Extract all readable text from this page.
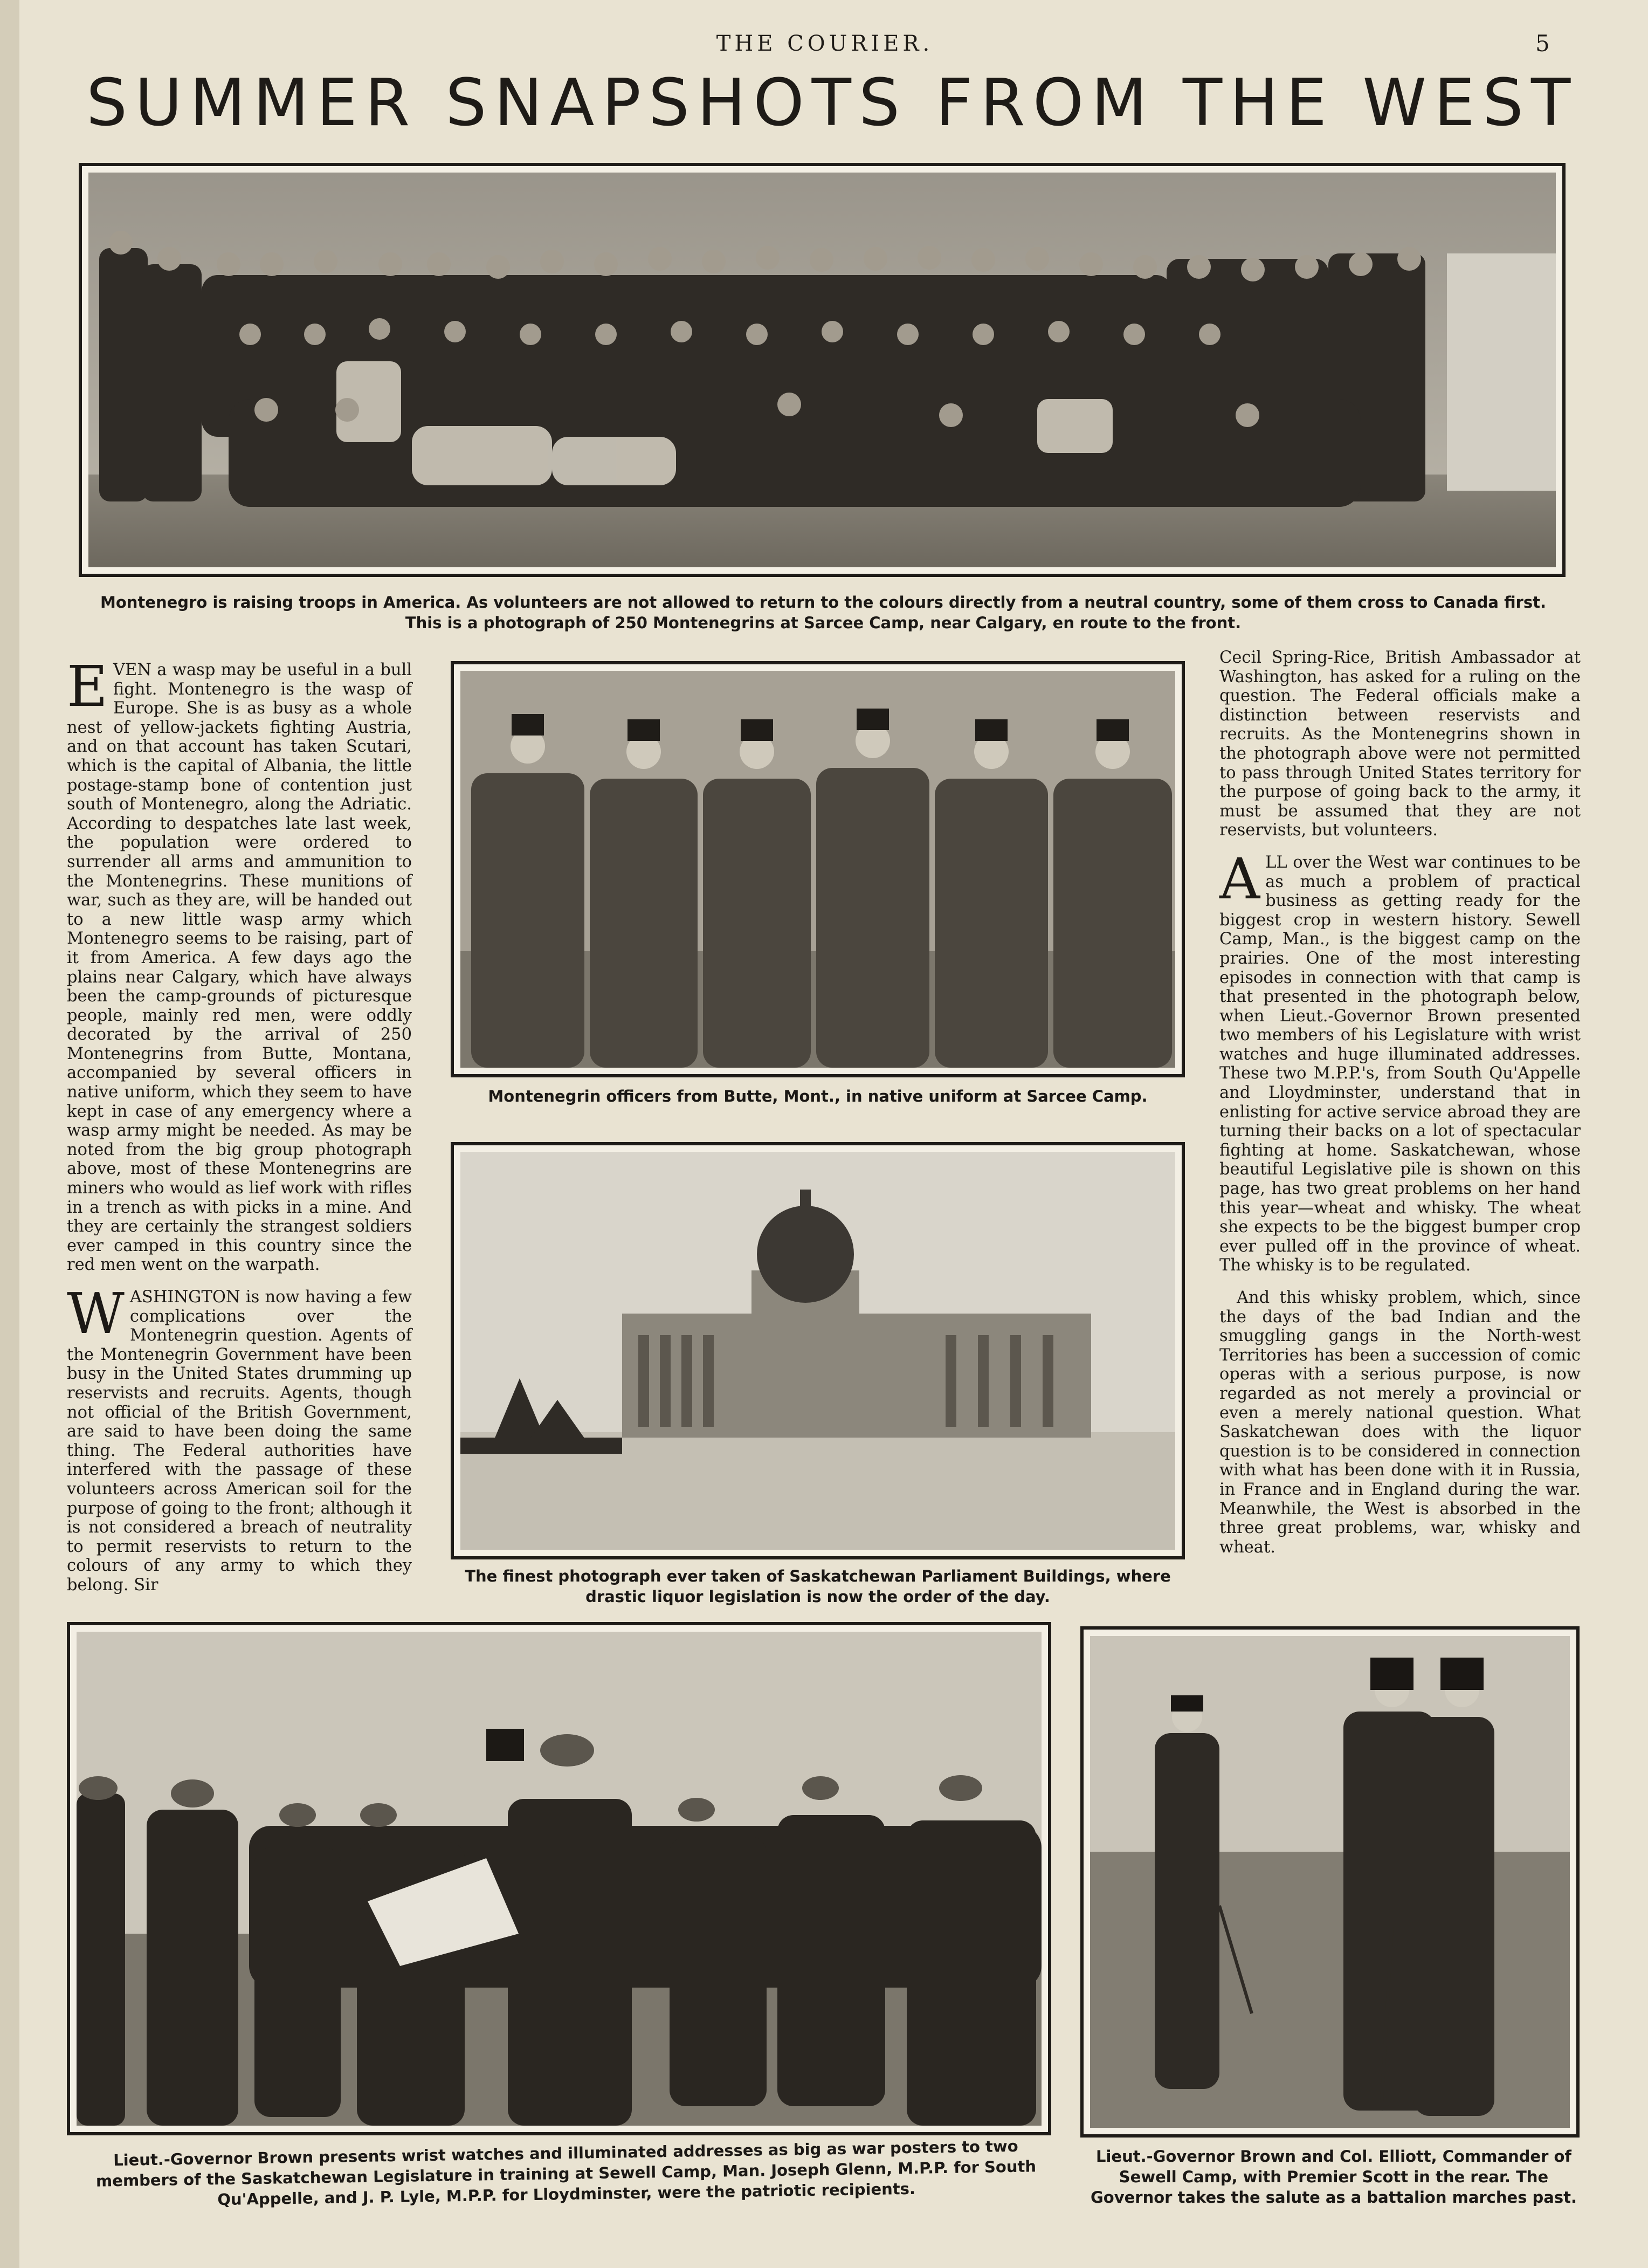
THE COURIER.	5
SUMMER SNAPSHOTS FROM THE WEST
Montenegro is raising troops in America. As volunteers are not allowed to return to the colours directly from a neutral country, some of them cross to Canada first. This is a photograph of 250 Montenegrins at Sarcee Camp, near Calgary, en route to the front.

EVEN a wasp may be useful in a bull fight. Montenegro is the wasp of Europe. She is as busy as a whole nest of yellow-jackets fighting Austria, and on that account has taken Scutari, which is the capital of Albania, the little postage-stamp bone of contention just south of Montenegro, along the Adriatic. According to despatches late last week, the population were ordered to surrender all arms and ammunition to the Montenegrins. These munitions of war, such as they are, will be handed out to a new little wasp army which Montenegro seems to be raising, part of it from America. A few days ago the plains near Calgary, which have always been the camp-grounds of picturesque people, mainly red men, were oddly decorated by the arrival of 250 Montenegrins from Butte, Montana, accompanied by several officers in native uniform, which they seem to have kept in case of any emergency where a wasp army might be needed. As may be noted from the big group photograph above, most of these Montenegrins are miners who would as lief work with rifles in a trench as with picks in a mine. And they are certainly the strangest soldiers ever camped in this country since the red men went on the warpath.

WASHINGTON is now having a few complications over the Montenegrin question. Agents of the Montenegrin Government have been busy in the United States drumming up reservists and recruits. Agents, though not official of the British Government, are said to have been doing the same thing. The Federal authorities have interfered with the passage of these volunteers across American soil for the purpose of going to the front; although it is not considered a breach of neutrality to permit reservists to return to the colours of any army to which they belong. Sir

Montenegrin officers from Butte, Mont., in native uniform at Sarcee Camp.
The finest photograph ever taken of Saskatchewan Parliament Buildings, where drastic liquor legislation is now the order of the day.

Cecil Spring-Rice, British Ambassador at Washington, has asked for a ruling on the question. The Federal officials make a distinction between reservists and recruits. As the Montenegrins shown in the photograph above were not permitted to pass through United States territory for the purpose of going back to the army, it must be assumed that they are not reservists, but volunteers.

ALL over the West war continues to be as much a problem of practical business as getting ready for the biggest crop in western history. Sewell Camp, Man., is the biggest camp on the prairies. One of the most interesting episodes in connection with that camp is that presented in the photograph below, when Lieut.-Governor Brown presented two members of his Legislature with wrist watches and huge illuminated addresses. These two M.P.P.'s, from South Qu'Appelle and Lloydminster, understand that in enlisting for active service abroad they are turning their backs on a lot of spectacular fighting at home. Saskatchewan, whose beautiful Legislative pile is shown on this page, has two great problems on her hand this year—wheat and whisky. The wheat she expects to be the biggest bumper crop ever pulled off in the province of wheat. The whisky is to be regulated.

And this whisky problem, which, since the days of the bad Indian and the smuggling gangs in the North-west Territories has been a succession of comic operas with a serious purpose, is now regarded as not merely a provincial or even a merely national question. What Saskatchewan does with the liquor question is to be considered in connection with what has been done with it in Russia, in France and in England during the war. Meanwhile, the West is absorbed in the three great problems, war, whisky and wheat.

Lieut.-Governor Brown presents wrist watches and illuminated addresses as big as war posters to two members of the Saskatchewan Legislature in training at Sewell Camp, Man. Joseph Glenn, M.P.P. for South Qu'Appelle, and J. P. Lyle, M.P.P. for Lloydminster, were the patriotic recipients.
Lieut.-Governor Brown and Col. Elliott, Commander of Sewell Camp, with Premier Scott in the rear. The Governor takes the salute as a battalion marches past.
